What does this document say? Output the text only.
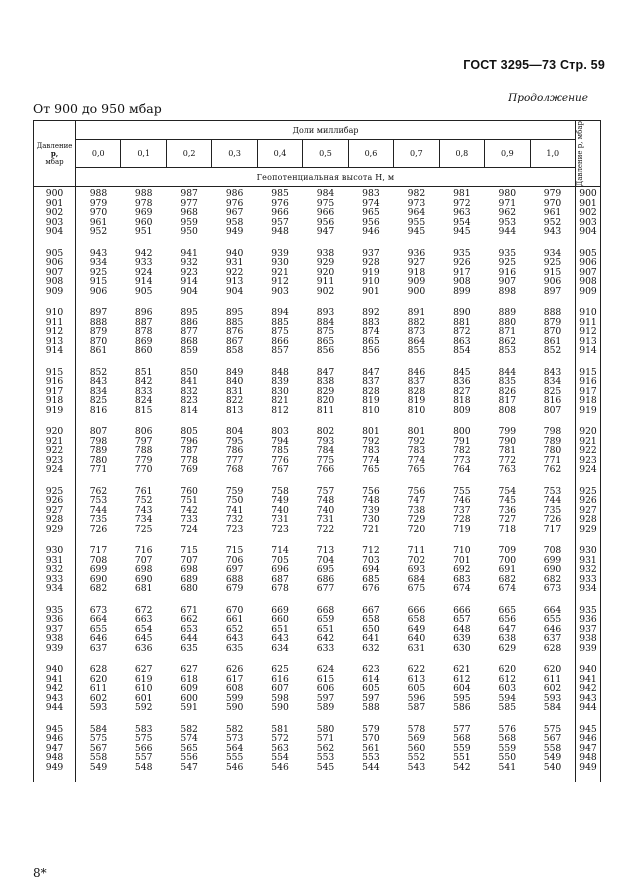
ГОСТ 3295—73 Стр. 59
Продолжение
От 900 до 950 мбар
Давление
p,
мбар	Доли миллибар											Давление p, мбар

	0,0	0,1	0,2	0,3	0,4	0,5	0,6	0,7	0,8	0,9	1,0	
	Геопотенциальная высота H, м											
900	988	988	987	986	985	984	983	982	981	980	979	900
901	979	978	977	976	976	975	974	973	972	971	970	901
902	970	969	968	967	966	966	965	964	963	962	961	902
903	961	960	959	958	957	956	956	955	954	953	952	903
904	952	951	950	949	948	947	946	945	945	944	943	904
905	943	942	941	940	939	938	937	936	935	935	934	905
906	934	933	932	931	930	929	928	927	926	925	925	906
907	925	924	923	922	921	920	919	918	917	916	915	907
908	915	914	914	913	912	911	910	909	908	907	906	908
909	906	905	904	904	903	902	901	900	899	898	897	909
910	897	896	895	895	894	893	892	891	890	889	888	910
911	888	887	886	885	885	884	883	882	881	880	879	911
912	879	878	877	876	875	875	874	873	872	871	870	912
913	870	869	868	867	866	865	865	864	863	862	861	913
914	861	860	859	858	857	856	856	855	854	853	852	914
915	852	851	850	849	848	847	847	846	845	844	843	915
916	843	842	841	840	839	838	837	837	836	835	834	916
917	834	833	832	831	830	829	828	828	827	826	825	917
918	825	824	823	822	821	820	819	819	818	817	816	918
919	816	815	814	813	812	811	810	810	809	808	807	919
920	807	806	805	804	803	802	801	801	800	799	798	920
921	798	797	796	795	794	793	792	792	791	790	789	921
922	789	788	787	786	785	784	783	783	782	781	780	922
923	780	779	778	777	776	775	774	774	773	772	771	923
924	771	770	769	768	767	766	765	765	764	763	762	924
925	762	761	760	759	758	757	756	756	755	754	753	925
926	753	752	751	750	749	748	748	747	746	745	744	926
927	744	743	742	741	740	740	739	738	737	736	735	927
928	735	734	733	732	731	731	730	729	728	727	726	928
929	726	725	724	723	723	722	721	720	719	718	717	929
930	717	716	715	715	714	713	712	711	710	709	708	930
931	708	707	707	706	705	704	703	702	701	700	699	931
932	699	698	698	697	696	695	694	693	692	691	690	932
933	690	690	689	688	687	686	685	684	683	682	682	933
934	682	681	680	679	678	677	676	675	674	674	673	934
935	673	672	671	670	669	668	667	666	666	665	664	935
936	664	663	662	661	660	659	658	658	657	656	655	936
937	655	654	653	652	651	651	650	649	648	647	646	937
938	646	645	644	643	643	642	641	640	639	638	637	938
939	637	636	635	635	634	633	632	631	630	629	628	939
940	628	627	627	626	625	624	623	622	621	620	620	940
941	620	619	618	617	616	615	614	613	612	612	611	941
942	611	610	609	608	607	606	605	605	604	603	602	942
943	602	601	600	599	598	597	597	596	595	594	593	943
944	593	592	591	590	590	589	588	587	586	585	584	944
945	584	583	582	582	581	580	579	578	577	576	575	945
946	575	575	574	573	572	571	570	569	568	568	567	946
947	567	566	565	564	563	562	561	560	559	559	558	947
948	558	557	556	555	554	553	553	552	551	550	549	948
949	549	548	547	546	546	545	544	543	542	541	540	949
8*
